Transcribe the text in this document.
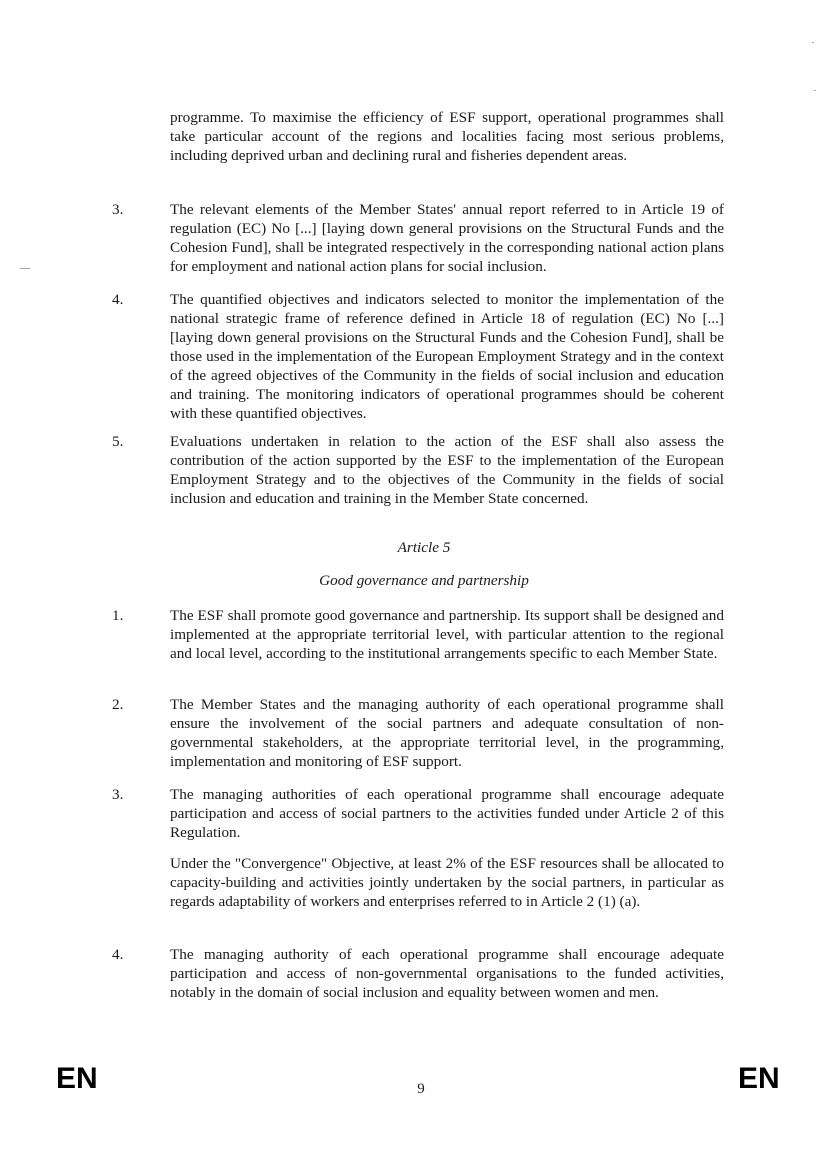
programme. To maximise the efficiency of ESF support, operational programmes shall take particular account of the regions and localities facing most serious problems, including deprived urban and declining rural and fisheries dependent areas.

3.	The relevant elements of the Member States' annual report referred to in Article 19 of regulation (EC) No [...] [laying down general provisions on the Structural Funds and the Cohesion Fund], shall be integrated respectively in the corresponding national action plans for employment and national action plans for social inclusion.

4.	The quantified objectives and indicators selected to monitor the implementation of the national strategic frame of reference defined in Article 18 of regulation (EC) No [...] [laying down general provisions on the Structural Funds and the Cohesion Fund], shall be those used in the implementation of the European Employment Strategy and in the context of the agreed objectives of the Community in the fields of social inclusion and education and training. The monitoring indicators of operational programmes should be coherent with these quantified objectives.

5.	Evaluations undertaken in relation to the action of the ESF shall also assess the contribution of the action supported by the ESF to the implementation of the European Employment Strategy and to the objectives of the Community in the fields of social inclusion and education and training in the Member State concerned.

Article 5

Good governance and partnership

1.	The ESF shall promote good governance and partnership. Its support shall be designed and implemented at the appropriate territorial level, with particular attention to the regional and local level, according to the institutional arrangements specific to each Member State.

2.	The Member States and the managing authority of each operational programme shall ensure the involvement of the social partners and adequate consultation of non-governmental stakeholders, at the appropriate territorial level, in the programming, implementation and monitoring of ESF support.

3.	The managing authorities of each operational programme shall encourage adequate participation and access of social partners to the activities funded under Article 2 of this Regulation.

Under the "Convergence" Objective, at least 2% of the ESF resources shall be allocated to capacity-building and activities jointly undertaken by the social partners, in particular as regards adaptability of workers and enterprises referred to in Article 2 (1) (a).

4.	The managing authority of each operational programme shall encourage adequate participation and access of non-governmental organisations to the funded activities, notably in the domain of social inclusion and equality between women and men.

EN	9	EN
